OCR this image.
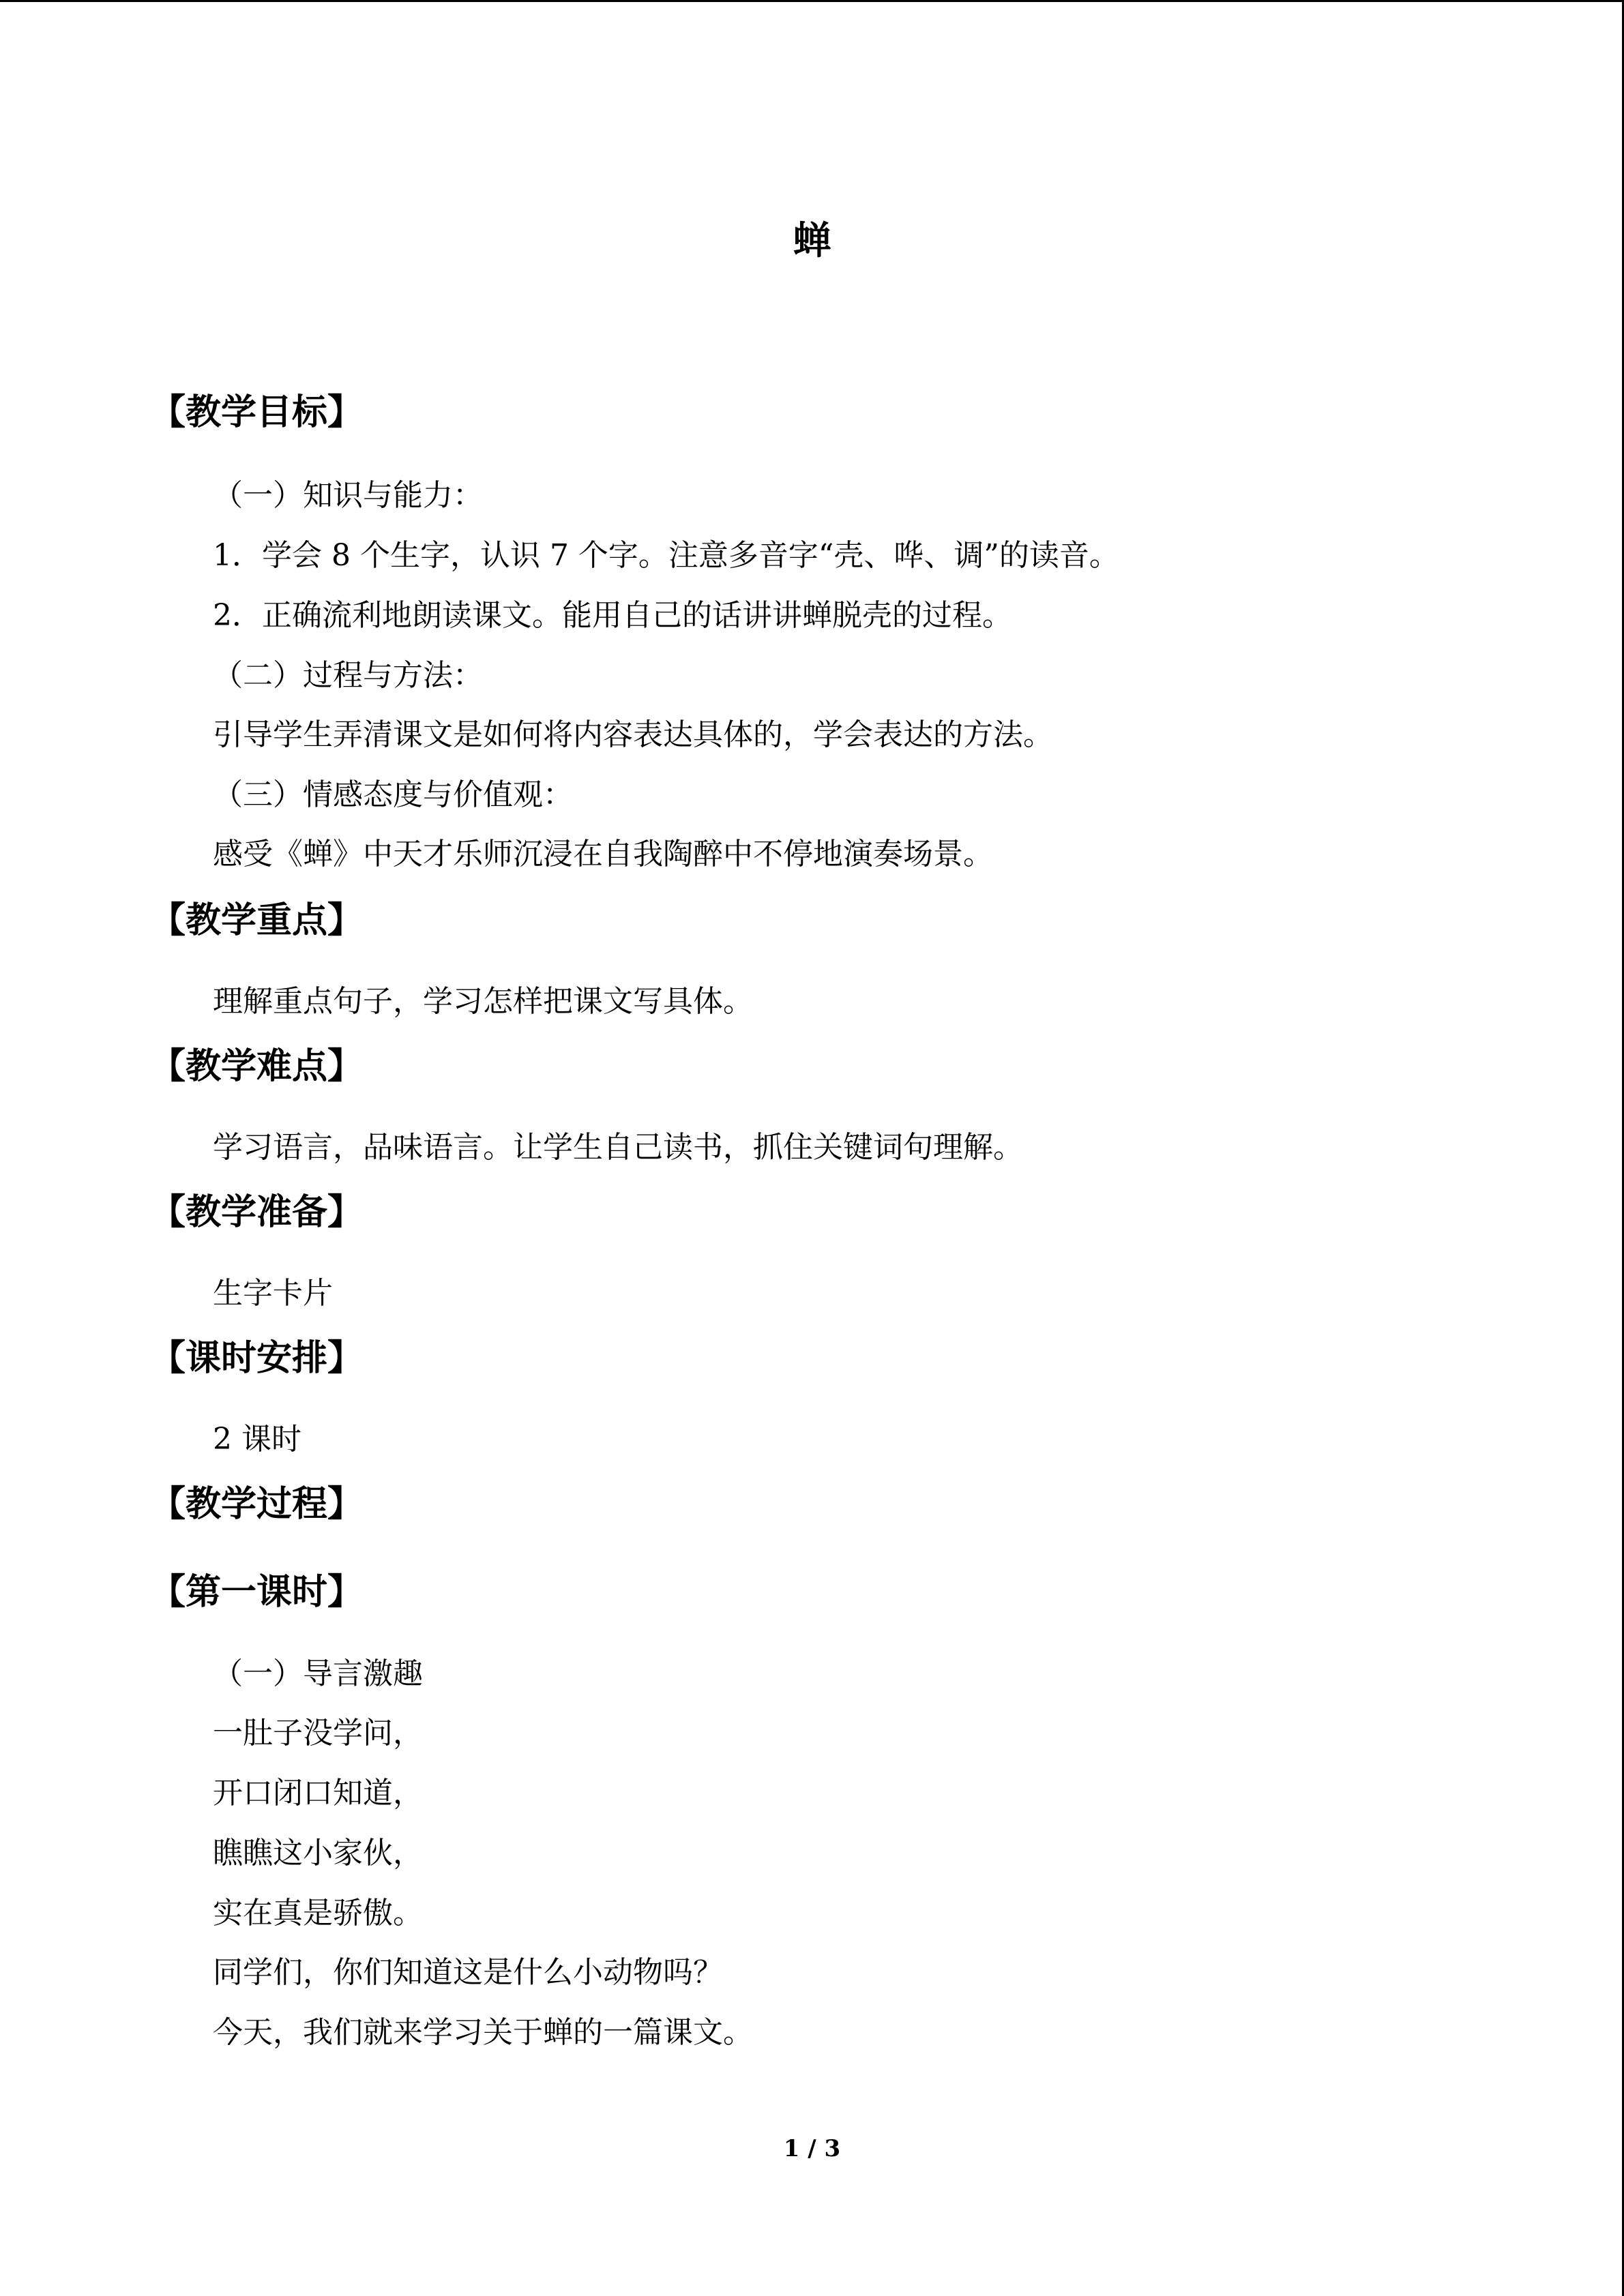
蝉
【教学目标】
（一）知识与能力：
1．学会 8 个生字，认识 7 个字。注意多音字“壳、哗、调”的读音。
2．正确流利地朗读课文。能用自己的话讲讲蝉脱壳的过程。
（二）过程与方法：
引导学生弄清课文是如何将内容表达具体的，学会表达的方法。
（三）情感态度与价值观：
感受《蝉》中天才乐师沉浸在自我陶醉中不停地演奏场景。
【教学重点】
理解重点句子，学习怎样把课文写具体。
【教学难点】
学习语言，品味语言。让学生自己读书，抓住关键词句理解。
【教学准备】
生字卡片
【课时安排】
2 课时
【教学过程】
【第一课时】
（一）导言激趣
一肚子没学问，
开口闭口知道，
瞧瞧这小家伙，
实在真是骄傲。
同学们，你们知道这是什么小动物吗？
今天，我们就来学习关于蝉的一篇课文。
1 / 3
